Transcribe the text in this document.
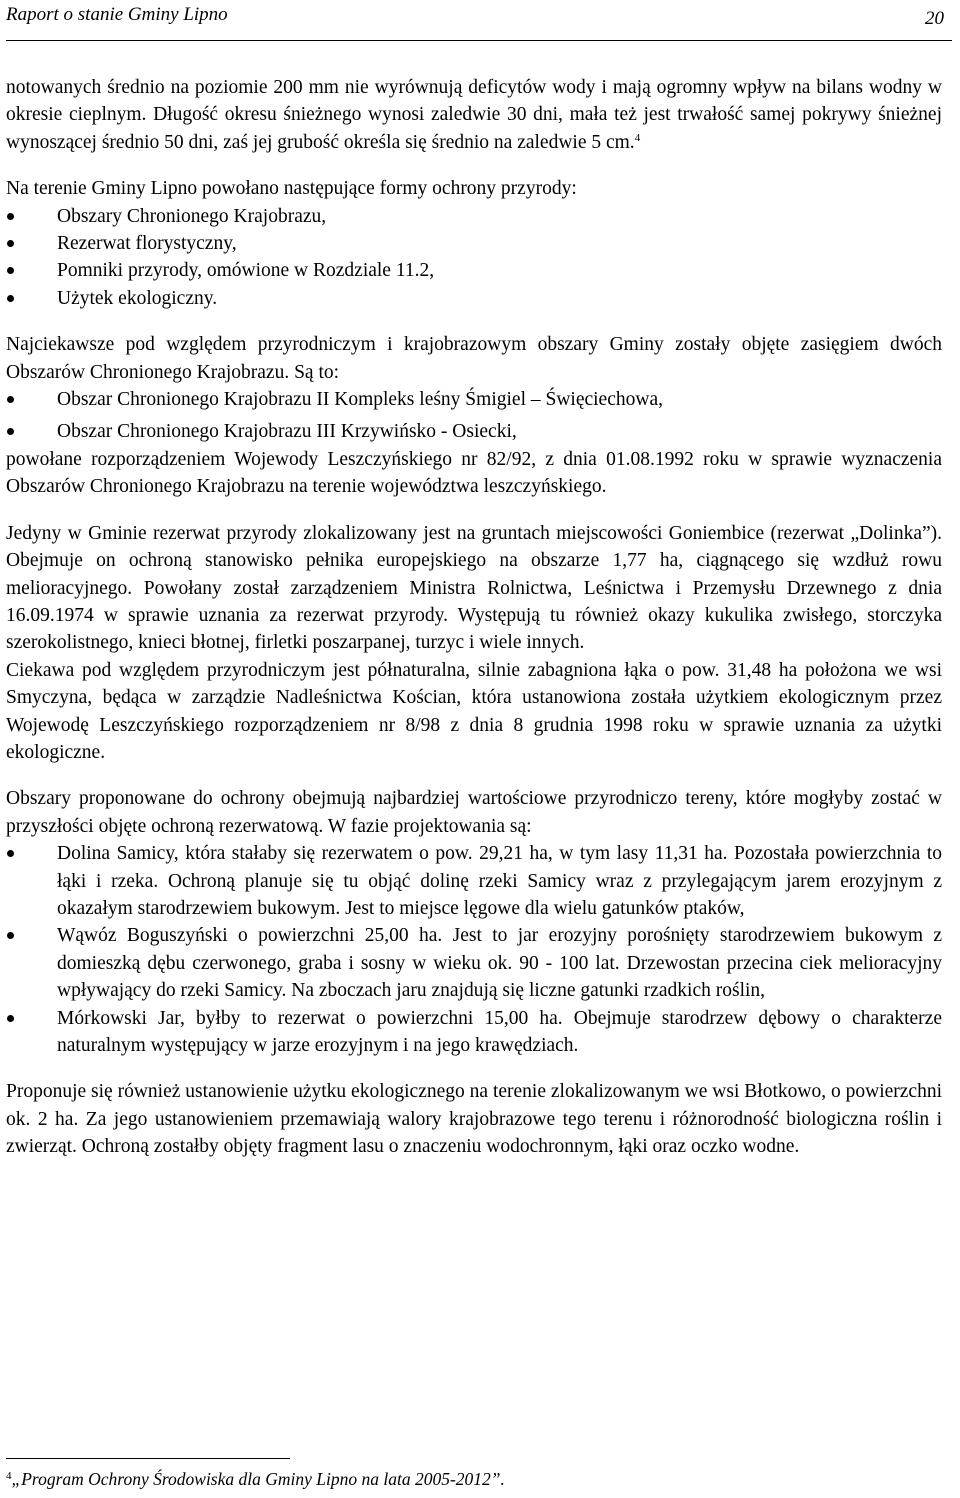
Raport o stanie Gminy Lipno	20

notowanych średnio na poziomie 200 mm nie wyrównują deficytów wody i mają ogromny wpływ na bilans wodny w okresie cieplnym. Długość okresu śnieżnego wynosi zaledwie 30 dni, mała też jest trwałość samej pokrywy śnieżnej wynoszącej średnio 50 dni, zaś jej grubość określa się średnio na zaledwie 5 cm.$^4$

Na terenie Gminy Lipno powołano następujące formy ochrony przyrody:

Obszary Chronionego Krajobrazu,
Rezerwat florystyczny,
Pomniki przyrody, omówione w Rozdziale 11.2,
Użytek ekologiczny.

Najciekawsze pod względem przyrodniczym i krajobrazowym obszary Gminy zostały objęte zasięgiem dwóch Obszarów Chronionego Krajobrazu. Są to:

Obszar Chronionego Krajobrazu II Kompleks leśny Śmigiel – Święciechowa,
Obszar Chronionego Krajobrazu III Krzywińsko - Osiecki,

powołane rozporządzeniem Wojewody Leszczyńskiego nr 82/92, z dnia 01.08.1992 roku w sprawie wyznaczenia Obszarów Chronionego Krajobrazu na terenie województwa leszczyńskiego.

Jedyny w Gminie rezerwat przyrody zlokalizowany jest na gruntach miejscowości Goniembice (rezerwat „Dolinka”). Obejmuje on ochroną stanowisko pełnika europejskiego na obszarze 1,77 ha, ciągnącego się wzdłuż rowu melioracyjnego. Powołany został zarządzeniem Ministra Rolnictwa, Leśnictwa i Przemysłu Drzewnego z dnia 16.09.1974 w sprawie uznania za rezerwat przyrody. Występują tu również okazy kukulika zwisłego, storczyka szerokolistnego, knieci błotnej, firletki poszarpanej, turzyc i wiele innych.

Ciekawa pod względem przyrodniczym jest półnaturalna, silnie zabagniona łąka o pow. 31,48 ha położona we wsi Smyczyna, będąca w zarządzie Nadleśnictwa Kościan, która ustanowiona została użytkiem ekologicznym przez Wojewodę Leszczyńskiego rozporządzeniem nr 8/98 z dnia 8 grudnia 1998 roku w sprawie uznania za użytki ekologiczne.

Obszary proponowane do ochrony obejmują najbardziej wartościowe przyrodniczo tereny, które mogłyby zostać w przyszłości objęte ochroną rezerwatową. W fazie projektowania są:

Dolina Samicy, która stałaby się rezerwatem o pow. 29,21 ha, w tym lasy 11,31 ha. Pozostała powierzchnia to łąki i rzeka. Ochroną planuje się tu objąć dolinę rzeki Samicy wraz z przylegającym jarem erozyjnym z okazałym starodrzewiem bukowym. Jest to miejsce lęgowe dla wielu gatunków ptaków,
Wąwóz Boguszyński o powierzchni 25,00 ha. Jest to jar erozyjny porośnięty starodrzewiem bukowym z domieszką dębu czerwonego, graba i sosny w wieku ok. 90 - 100 lat. Drzewostan przecina ciek melioracyjny wpływający do rzeki Samicy. Na zboczach jaru znajdują się liczne gatunki rzadkich roślin,
Mórkowski Jar, byłby to rezerwat o powierzchni 15,00 ha. Obejmuje starodrzew dębowy o charakterze naturalnym występujący w jarze erozyjnym i na jego krawędziach.

Proponuje się również ustanowienie użytku ekologicznego na terenie zlokalizowanym we wsi Błotkowo, o powierzchni ok. 2 ha. Za jego ustanowieniem przemawiają walory krajobrazowe tego terenu i różnorodność biologiczna roślin i zwierząt. Ochroną zostałby objęty fragment lasu o znaczeniu wodochronnym, łąki oraz oczko wodne.

$^4$„Program Ochrony Środowiska dla Gminy Lipno na lata 2005-2012”.
